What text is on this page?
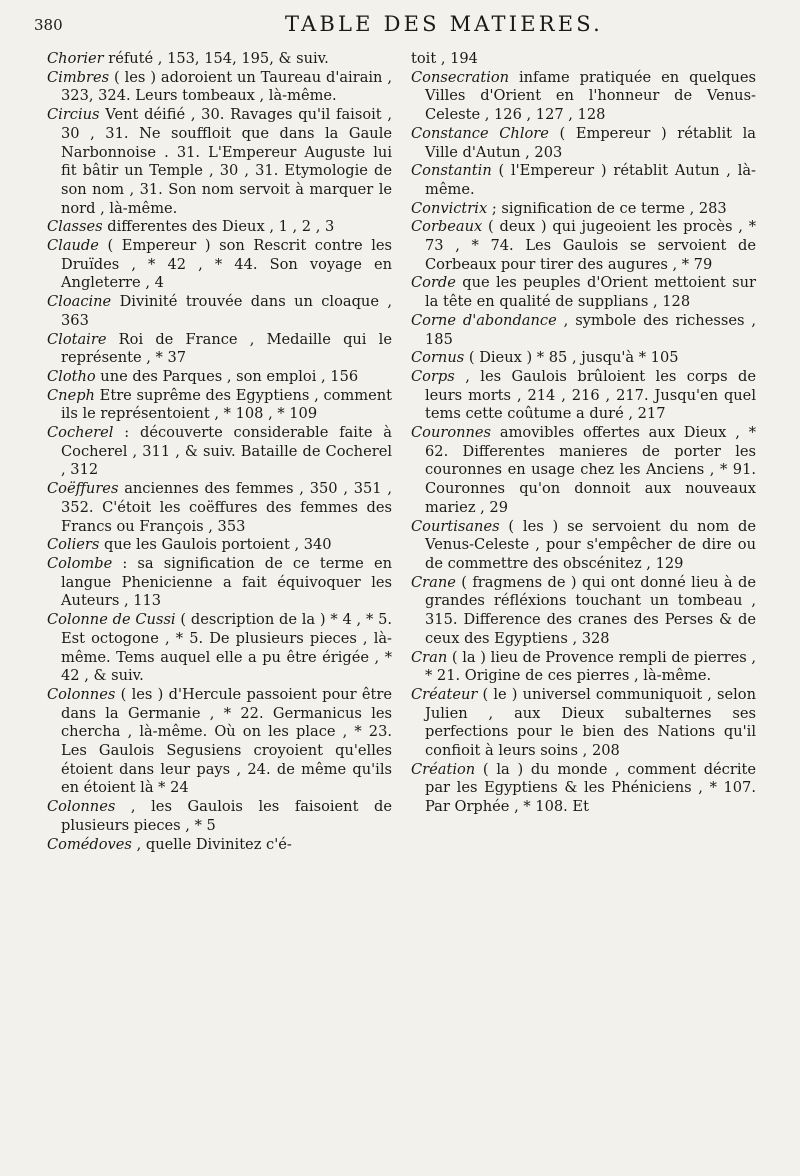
380	TABLE DES MATIERES.

Chorier réfuté , 153, 154, 195, & suiv.

Cimbres ( les ) adoroient un Taureau d'airain , 323, 324. Leurs tombeaux , là-même.

Circius Vent déifié , 30. Ravages qu'il faisoit , 30 , 31. Ne souffloit que dans la Gaule Narbonnoise . 31. L'Empereur Auguste lui fit bâtir un Temple , 30 , 31. Etymologie de son nom , 31. Son nom servoit à marquer le nord , là-même.

Classes differentes des Dieux , 1 , 2 , 3

Claude ( Empereur ) son Rescrit contre les Druïdes , * 42 , * 44. Son voyage en Angleterre , 4

Cloacine Divinité trouvée dans un cloaque , 363

Clotaire Roi de France , Medaille qui le représente , * 37

Clotho une des Parques , son emploi , 156

Cneph Etre suprême des Egyptiens , comment ils le représentoient , * 108 , * 109

Cocherel : découverte considerable faite à Cocherel , 311 , & suiv. Bataille de Cocherel , 312

Coëffures anciennes des femmes , 350 , 351 , 352. C'étoit les coëffures des femmes des Francs ou François , 353

Coliers que les Gaulois portoient , 340

Colombe : sa signification de ce terme en langue Phenicienne a fait équivoquer les Auteurs , 113

Colonne de Cussi ( description de la ) * 4 , * 5. Est octogone , * 5. De plusieurs pieces , là-même. Tems auquel elle a pu être érigée , * 42 , & suiv.

Colonnes ( les ) d'Hercule passoient pour être dans la Germanie , * 22. Germanicus les chercha , là-même. Où on les place , * 23. Les Gaulois Segusiens croyoient qu'elles étoient dans leur pays , 24. de même qu'ils en étoient là * 24

Colonnes , les Gaulois les faisoient de plusieurs pieces , * 5

Comédoves , quelle Divinitez c'é-

toit , 194

Consecration infame pratiquée en quelques Villes d'Orient en l'honneur de Venus-Celeste , 126 , 127 , 128

Constance Chlore ( Empereur ) rétablit la Ville d'Autun , 203

Constantin ( l'Empereur ) rétablit Autun , là-même.

Convictrix ; signification de ce terme , 283

Corbeaux ( deux ) qui jugeoient les procès , * 73 , * 74. Les Gaulois se servoient de Corbeaux pour tirer des augures , * 79

Corde que les peuples d'Orient mettoient sur la tête en qualité de supplians , 128

Corne d'abondance , symbole des richesses , 185

Cornus ( Dieux ) * 85 , jusqu'à * 105

Corps , les Gaulois brûloient les corps de leurs morts , 214 , 216 , 217. Jusqu'en quel tems cette coûtume a duré , 217

Couronnes amovibles offertes aux Dieux , * 62. Differentes manieres de porter les couronnes en usage chez les Anciens , * 91. Couronnes qu'on donnoit aux nouveaux mariez , 29

Courtisanes ( les ) se servoient du nom de Venus-Celeste , pour s'empêcher de dire ou de commettre des obscénitez , 129

Crane ( fragmens de ) qui ont donné lieu à de grandes réfléxions touchant un tombeau , 315. Difference des cranes des Perses & de ceux des Egyptiens , 328

Cran ( la ) lieu de Provence rempli de pierres , * 21. Origine de ces pierres , là-même.

Créateur ( le ) universel communiquoit , selon Julien , aux Dieux subalternes ses perfections pour le bien des Nations qu'il confioit à leurs soins , 208

Création ( la ) du monde , comment décrite par les Egyptiens & les Phéniciens , * 107. Par Orphée , * 108. Et
